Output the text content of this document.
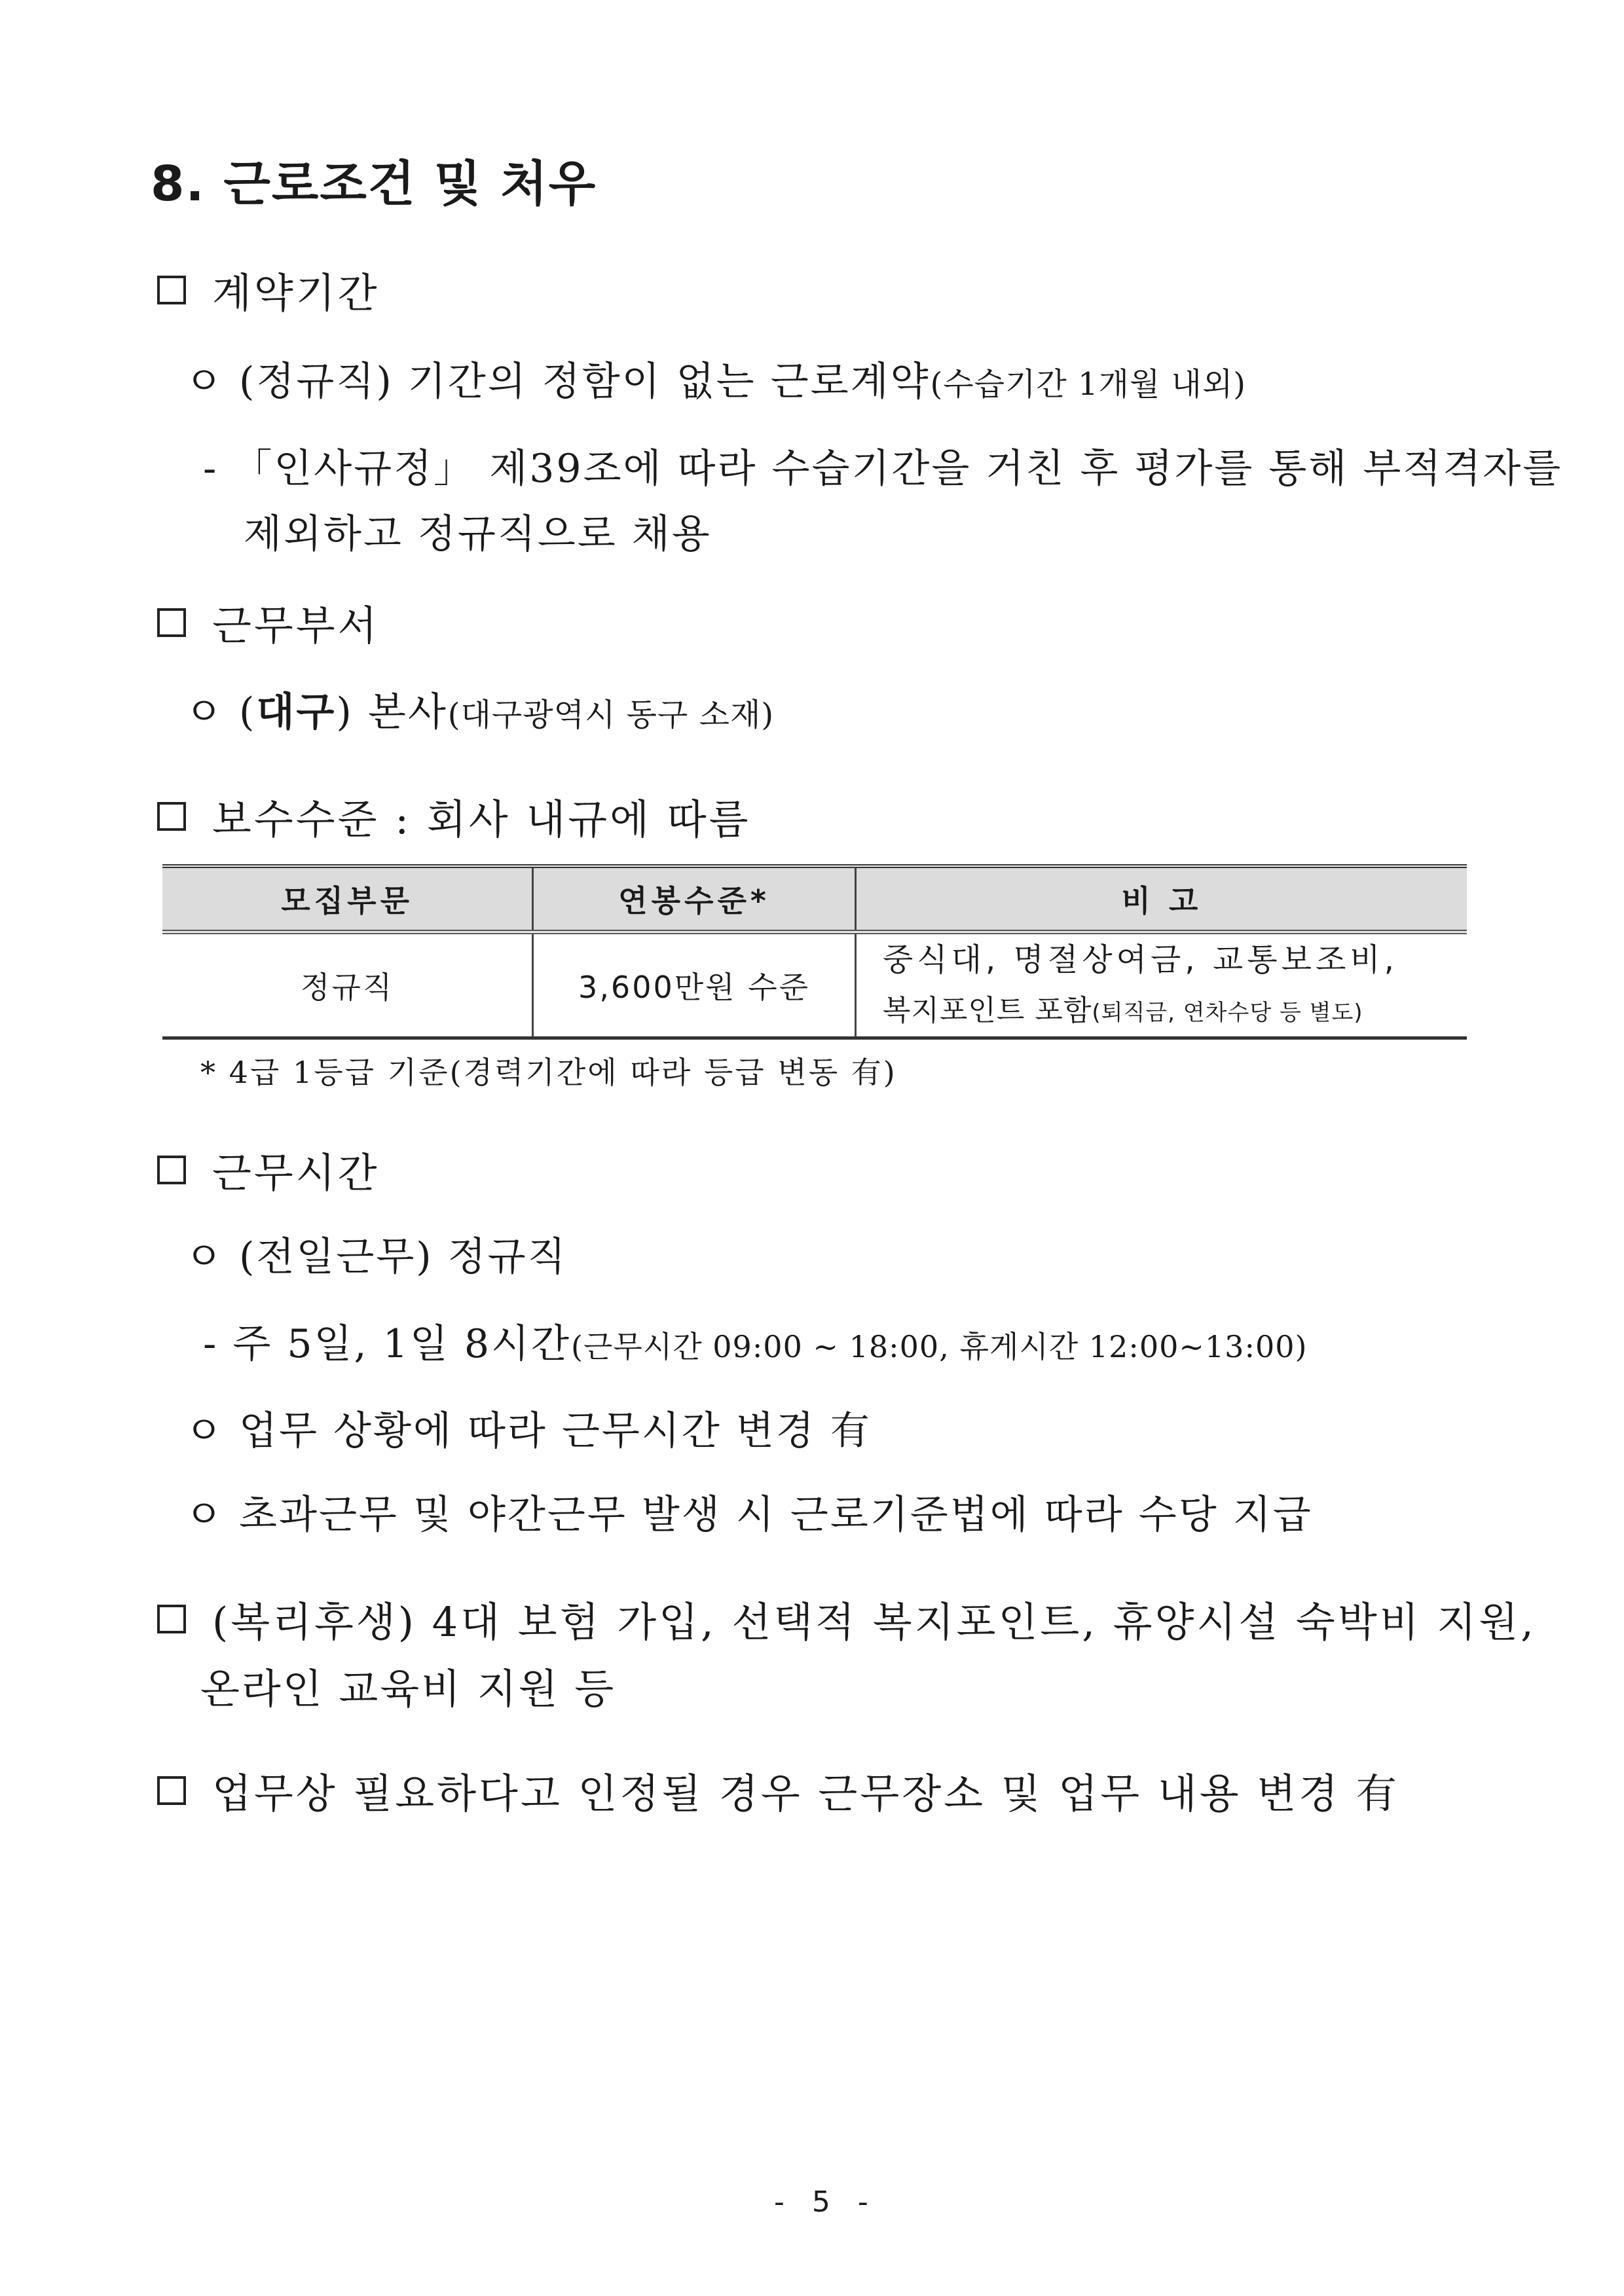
8. 근로조건 및 처우
계약기간
ㅇ (정규직) 기간의 정함이 없는 근로계약(수습기간 1개월 내외)
- 「인사규정」 제39조에 따라 수습기간을 거친 후 평가를 통해 부적격자를
제외하고 정규직으로 채용
근무부서
ㅇ (대구) 본사(대구광역시 동구 소재)
보수수준 : 회사 내규에 따름
모집부문	연봉수준*	비 고
정규직	3,600만원 수준	중식대, 명절상여금, 교통보조비,
복지포인트 포함(퇴직금, 연차수당 등 별도)
* 4급 1등급 기준(경력기간에 따라 등급 변동 有)
근무시간
ㅇ (전일근무) 정규직
- 주 5일, 1일 8시간(근무시간 09:00 ~ 18:00, 휴게시간 12:00~13:00)
ㅇ 업무 상황에 따라 근무시간 변경 有
ㅇ 초과근무 및 야간근무 발생 시 근로기준법에 따라 수당 지급
(복리후생) 4대 보험 가입, 선택적 복지포인트, 휴양시설 숙박비 지원,
온라인 교육비 지원 등
업무상 필요하다고 인정될 경우 근무장소 및 업무 내용 변경 有
- 5 -
